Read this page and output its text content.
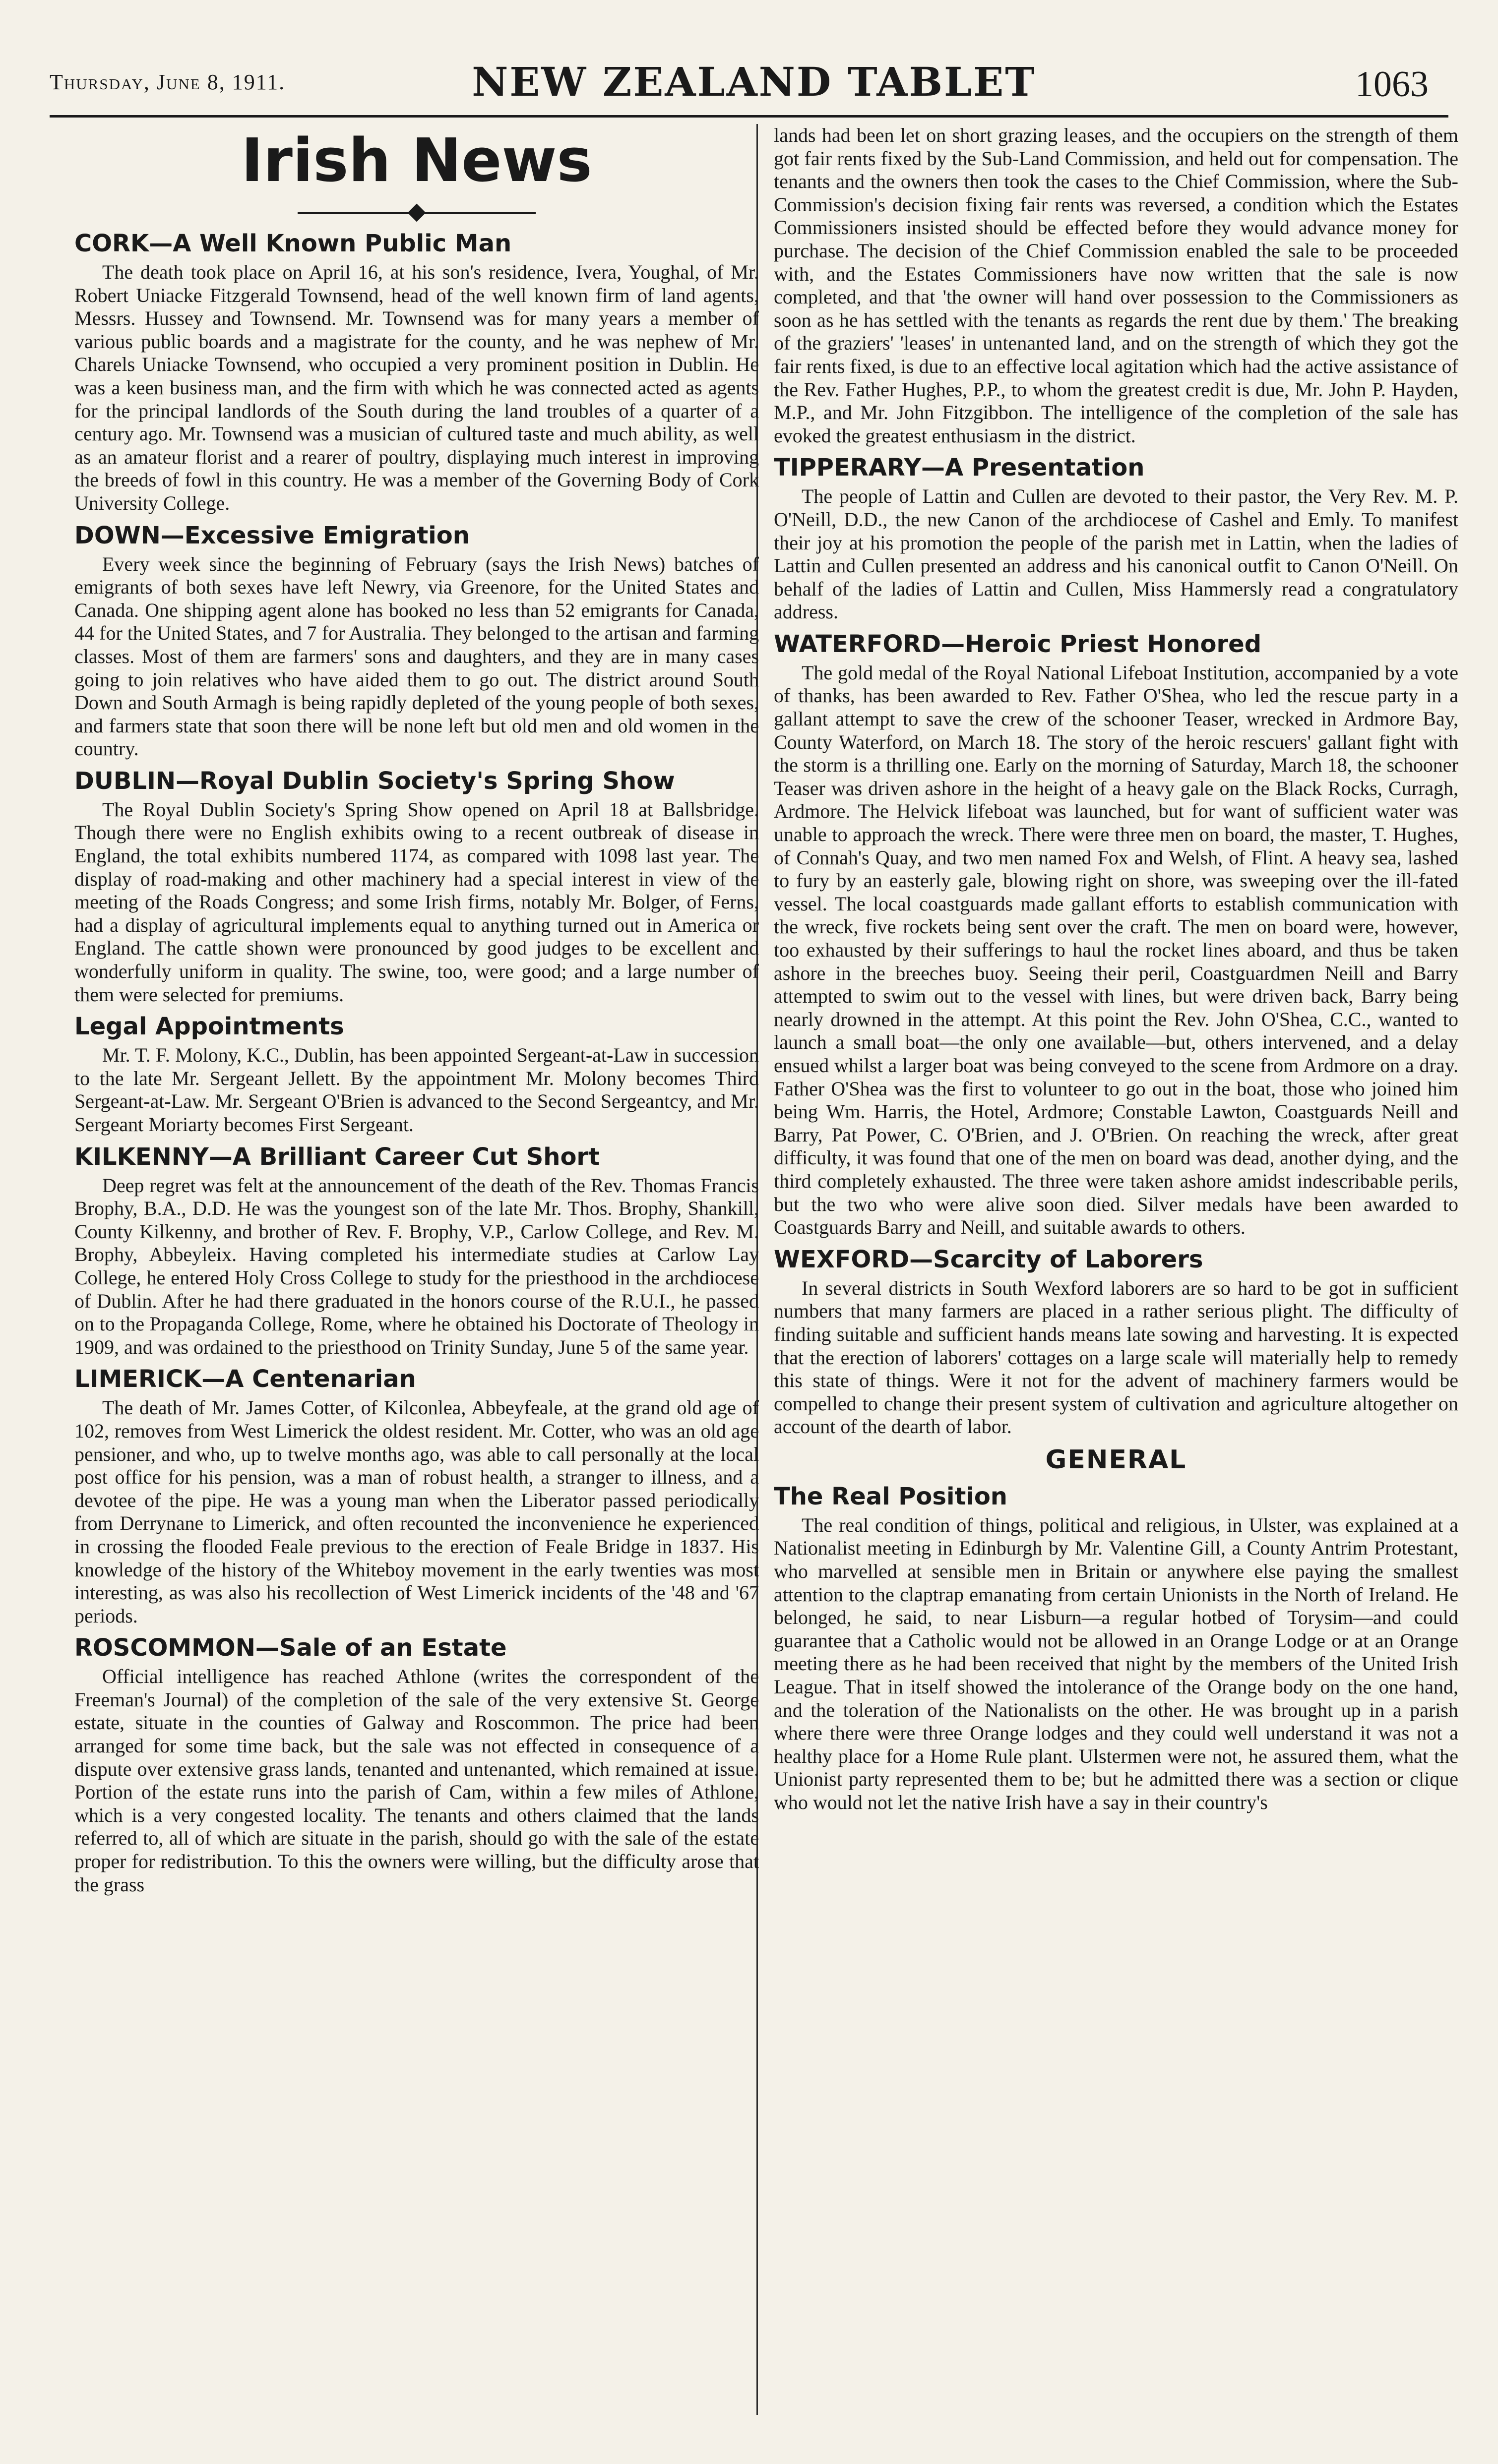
Thursday, June 8, 1911.	NEW ZEALAND TABLET	1063
Irish News
CORK—A Well Known Public Man

The death took place on April 16, at his son's residence, Ivera, Youghal, of Mr. Robert Uniacke Fitzgerald Townsend, head of the well known firm of land agents, Messrs. Hussey and Townsend. Mr. Townsend was for many years a member of various public boards and a magistrate for the county, and he was nephew of Mr. Charels Uniacke Townsend, who occupied a very prominent position in Dublin. He was a keen business man, and the firm with which he was connected acted as agents for the principal landlords of the South during the land troubles of a quarter of a century ago. Mr. Townsend was a musician of cultured taste and much ability, as well as an amateur florist and a rearer of poultry, displaying much interest in improving the breeds of fowl in this country. He was a member of the Governing Body of Cork University College.

DOWN—Excessive Emigration

Every week since the beginning of February (says the Irish News) batches of emigrants of both sexes have left Newry, via Greenore, for the United States and Canada. One shipping agent alone has booked no less than 52 emigrants for Canada, 44 for the United States, and 7 for Australia. They belonged to the artisan and farming classes. Most of them are farmers' sons and daughters, and they are in many cases going to join relatives who have aided them to go out. The district around South Down and South Armagh is being rapidly depleted of the young people of both sexes, and farmers state that soon there will be none left but old men and old women in the country.

DUBLIN—Royal Dublin Society's Spring Show

The Royal Dublin Society's Spring Show opened on April 18 at Ballsbridge. Though there were no English exhibits owing to a recent outbreak of disease in England, the total exhibits numbered 1174, as compared with 1098 last year. The display of road-making and other machinery had a special interest in view of the meeting of the Roads Congress; and some Irish firms, notably Mr. Bolger, of Ferns, had a display of agricultural implements equal to anything turned out in America or England. The cattle shown were pronounced by good judges to be excellent and wonderfully uniform in quality. The swine, too, were good; and a large number of them were selected for premiums.

Legal Appointments

Mr. T. F. Molony, K.C., Dublin, has been appointed Sergeant-at-Law in succession to the late Mr. Sergeant Jellett. By the appointment Mr. Molony becomes Third Sergeant-at-Law. Mr. Sergeant O'Brien is advanced to the Second Sergeantcy, and Mr. Sergeant Moriarty becomes First Sergeant.

KILKENNY—A Brilliant Career Cut Short

Deep regret was felt at the announcement of the death of the Rev. Thomas Francis Brophy, B.A., D.D. He was the youngest son of the late Mr. Thos. Brophy, Shankill, County Kilkenny, and brother of Rev. F. Brophy, V.P., Carlow College, and Rev. M. Brophy, Abbeyleix. Having completed his intermediate studies at Carlow Lay College, he entered Holy Cross College to study for the priesthood in the archdiocese of Dublin. After he had there graduated in the honors course of the R.U.I., he passed on to the Propaganda College, Rome, where he obtained his Doctorate of Theology in 1909, and was ordained to the priesthood on Trinity Sunday, June 5 of the same year.

LIMERICK—A Centenarian

The death of Mr. James Cotter, of Kilconlea, Abbeyfeale, at the grand old age of 102, removes from West Limerick the oldest resident. Mr. Cotter, who was an old age pensioner, and who, up to twelve months ago, was able to call personally at the local post office for his pension, was a man of robust health, a stranger to illness, and a devotee of the pipe. He was a young man when the Liberator passed periodically from Derrynane to Limerick, and often recounted the inconvenience he experienced in crossing the flooded Feale previous to the erection of Feale Bridge in 1837. His knowledge of the history of the Whiteboy movement in the early twenties was most interesting, as was also his recollection of West Limerick incidents of the '48 and '67 periods.

ROSCOMMON—Sale of an Estate

Official intelligence has reached Athlone (writes the correspondent of the Freeman's Journal) of the completion of the sale of the very extensive St. George estate, situate in the counties of Galway and Roscommon. The price had been arranged for some time back, but the sale was not effected in consequence of a dispute over extensive grass lands, tenanted and untenanted, which remained at issue. Portion of the estate runs into the parish of Cam, within a few miles of Athlone, which is a very congested locality. The tenants and others claimed that the lands referred to, all of which are situate in the parish, should go with the sale of the estate proper for redistribution. To this the owners were willing, but the difficulty arose that the grass

lands had been let on short grazing leases, and the occupiers on the strength of them got fair rents fixed by the Sub-Land Commission, and held out for compensation. The tenants and the owners then took the cases to the Chief Commission, where the Sub-Commission's decision fixing fair rents was reversed, a condition which the Estates Commissioners insisted should be effected before they would advance money for purchase. The decision of the Chief Commission enabled the sale to be proceeded with, and the Estates Commissioners have now written that the sale is now completed, and that 'the owner will hand over possession to the Commissioners as soon as he has settled with the tenants as regards the rent due by them.' The breaking of the graziers' 'leases' in untenanted land, and on the strength of which they got the fair rents fixed, is due to an effective local agitation which had the active assistance of the Rev. Father Hughes, P.P., to whom the greatest credit is due, Mr. John P. Hayden, M.P., and Mr. John Fitzgibbon. The intelligence of the completion of the sale has evoked the greatest enthusiasm in the district.

TIPPERARY—A Presentation

The people of Lattin and Cullen are devoted to their pastor, the Very Rev. M. P. O'Neill, D.D., the new Canon of the archdiocese of Cashel and Emly. To manifest their joy at his promotion the people of the parish met in Lattin, when the ladies of Lattin and Cullen presented an address and his canonical outfit to Canon O'Neill. On behalf of the ladies of Lattin and Cullen, Miss Hammersly read a congratulatory address.

WATERFORD—Heroic Priest Honored

The gold medal of the Royal National Lifeboat Institution, accompanied by a vote of thanks, has been awarded to Rev. Father O'Shea, who led the rescue party in a gallant attempt to save the crew of the schooner Teaser, wrecked in Ardmore Bay, County Waterford, on March 18. The story of the heroic rescuers' gallant fight with the storm is a thrilling one. Early on the morning of Saturday, March 18, the schooner Teaser was driven ashore in the height of a heavy gale on the Black Rocks, Curragh, Ardmore. The Helvick lifeboat was launched, but for want of sufficient water was unable to approach the wreck. There were three men on board, the master, T. Hughes, of Connah's Quay, and two men named Fox and Welsh, of Flint. A heavy sea, lashed to fury by an easterly gale, blowing right on shore, was sweeping over the ill-fated vessel. The local coastguards made gallant efforts to establish communication with the wreck, five rockets being sent over the craft. The men on board were, however, too exhausted by their sufferings to haul the rocket lines aboard, and thus be taken ashore in the breeches buoy. Seeing their peril, Coastguardmen Neill and Barry attempted to swim out to the vessel with lines, but were driven back, Barry being nearly drowned in the attempt. At this point the Rev. John O'Shea, C.C., wanted to launch a small boat—the only one available—but, others intervened, and a delay ensued whilst a larger boat was being conveyed to the scene from Ardmore on a dray. Father O'Shea was the first to volunteer to go out in the boat, those who joined him being Wm. Harris, the Hotel, Ardmore; Constable Lawton, Coastguards Neill and Barry, Pat Power, C. O'Brien, and J. O'Brien. On reaching the wreck, after great difficulty, it was found that one of the men on board was dead, another dying, and the third completely exhausted. The three were taken ashore amidst indescribable perils, but the two who were alive soon died. Silver medals have been awarded to Coastguards Barry and Neill, and suitable awards to others.

WEXFORD—Scarcity of Laborers

In several districts in South Wexford laborers are so hard to be got in sufficient numbers that many farmers are placed in a rather serious plight. The difficulty of finding suitable and sufficient hands means late sowing and harvesting. It is expected that the erection of laborers' cottages on a large scale will materially help to remedy this state of things. Were it not for the advent of machinery farmers would be compelled to change their present system of cultivation and agriculture altogether on account of the dearth of labor.

GENERAL
The Real Position

The real condition of things, political and religious, in Ulster, was explained at a Nationalist meeting in Edinburgh by Mr. Valentine Gill, a County Antrim Protestant, who marvelled at sensible men in Britain or anywhere else paying the smallest attention to the claptrap emanating from certain Unionists in the North of Ireland. He belonged, he said, to near Lisburn—a regular hotbed of Torysim—and could guarantee that a Catholic would not be allowed in an Orange Lodge or at an Orange meeting there as he had been received that night by the members of the United Irish League. That in itself showed the intolerance of the Orange body on the one hand, and the toleration of the Nationalists on the other. He was brought up in a parish where there were three Orange lodges and they could well understand it was not a healthy place for a Home Rule plant. Ulstermen were not, he assured them, what the Unionist party represented them to be; but he admitted there was a section or clique who would not let the native Irish have a say in their country's
